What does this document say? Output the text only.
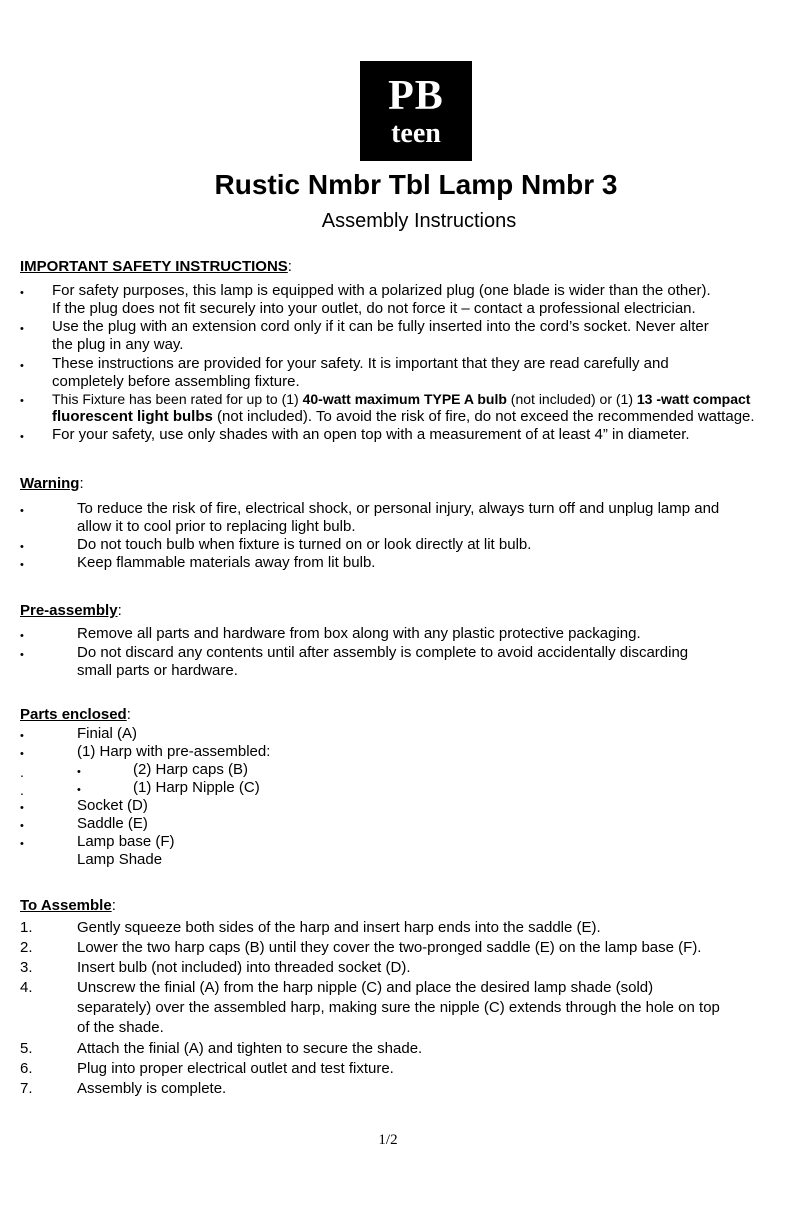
PB
teen
Rustic Nmbr Tbl Lamp Nmbr 3
Assembly Instructions
IMPORTANT SAFETY INSTRUCTIONS:
• For safety purposes, this lamp is equipped with a polarized plug (one blade is wider than the other).
If the plug does not fit securely into your outlet, do not force it – contact a professional electrician.
• Use the plug with an extension cord only if it can be fully inserted into the cord’s socket. Never alter
the plug in any way.
• These instructions are provided for your safety. It is important that they are read carefully and
completely before assembling fixture.
• This Fixture has been rated for up to (1) 40-watt maximum TYPE A bulb (not included) or (1) 13 -watt compact
fluorescent light bulbs (not included). To avoid the risk of fire, do not exceed the recommended wattage.
• For your safety, use only shades with an open top with a measurement of at least 4” in diameter.
Warning:
•	To reduce the risk of fire, electrical shock, or personal injury, always turn off and unplug lamp and
allow it to cool prior to replacing light bulb.
•	Do not touch bulb when fixture is turned on or look directly at lit bulb.
•	Keep flammable materials away from lit bulb.
Pre-assembly:
•	Remove all parts and hardware from box along with any plastic protective packaging.
•	Do not discard any contents until after assembly is complete to avoid accidentally discarding
small parts or hardware.
Parts enclosed:
•	Finial (A)
•	(1) Harp with pre-assembled:
.	•	(2) Harp caps (B)
.	•	(1) Harp Nipple (C)
•	Socket (D)
•	Saddle (E)
•	Lamp base (F)
Lamp Shade
To Assemble:
1.	Gently squeeze both sides of the harp and insert harp ends into the saddle (E).
2.	Lower the two harp caps (B) until they cover the two-pronged saddle (E) on the lamp base (F).
3.	Insert bulb (not included) into threaded socket (D).
4.	Unscrew the finial (A) from the harp nipple (C) and place the desired lamp shade (sold)
separately) over the assembled harp, making sure the nipple (C) extends through the hole on top
of the shade.
5.	Attach the finial (A) and tighten to secure the shade.
6.	Plug into proper electrical outlet and test fixture.
7.	Assembly is complete.
1/2
